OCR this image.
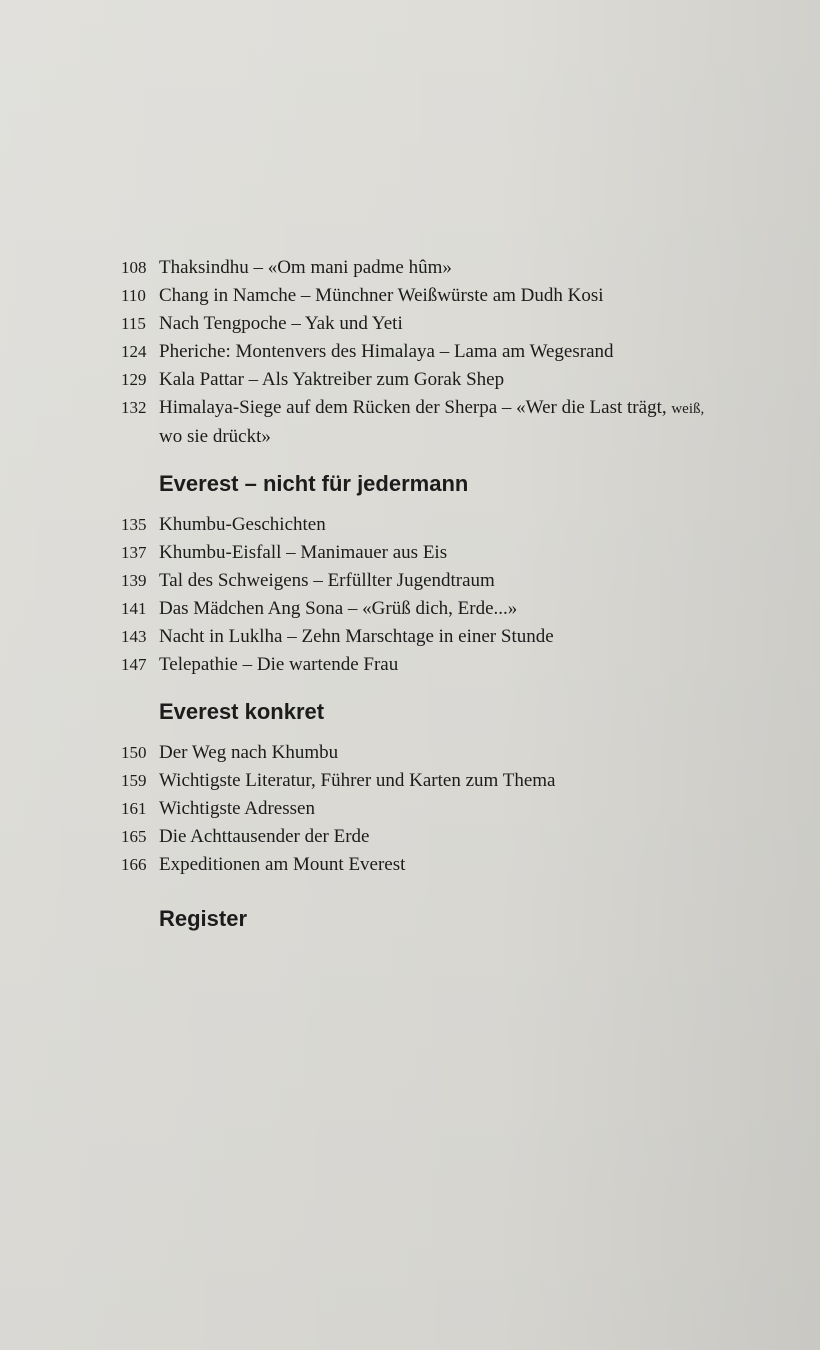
108 Thaksindhu – «Om mani padme hûm»
110 Chang in Namche – Münchner Weißwürste am Dudh Kosi
115 Nach Tengpoche – Yak und Yeti
124 Pheriche: Montenvers des Himalaya – Lama am Wegesrand
129 Kala Pattar – Als Yaktreiber zum Gorak Shep
132 Himalaya-Siege auf dem Rücken der Sherpa – «Wer die Last trägt, weiß,
wo sie drückt»
Everest – nicht für jedermann
135 Khumbu-Geschichten
137 Khumbu-Eisfall – Manimauer aus Eis
139 Tal des Schweigens – Erfüllter Jugendtraum
141 Das Mädchen Ang Sona – «Grüß dich, Erde...»
143 Nacht in Luklha – Zehn Marschtage in einer Stunde
147 Telepathie – Die wartende Frau
Everest konkret
150 Der Weg nach Khumbu
159 Wichtigste Literatur, Führer und Karten zum Thema
161 Wichtigste Adressen
165 Die Achttausender der Erde
166 Expeditionen am Mount Everest
Register
